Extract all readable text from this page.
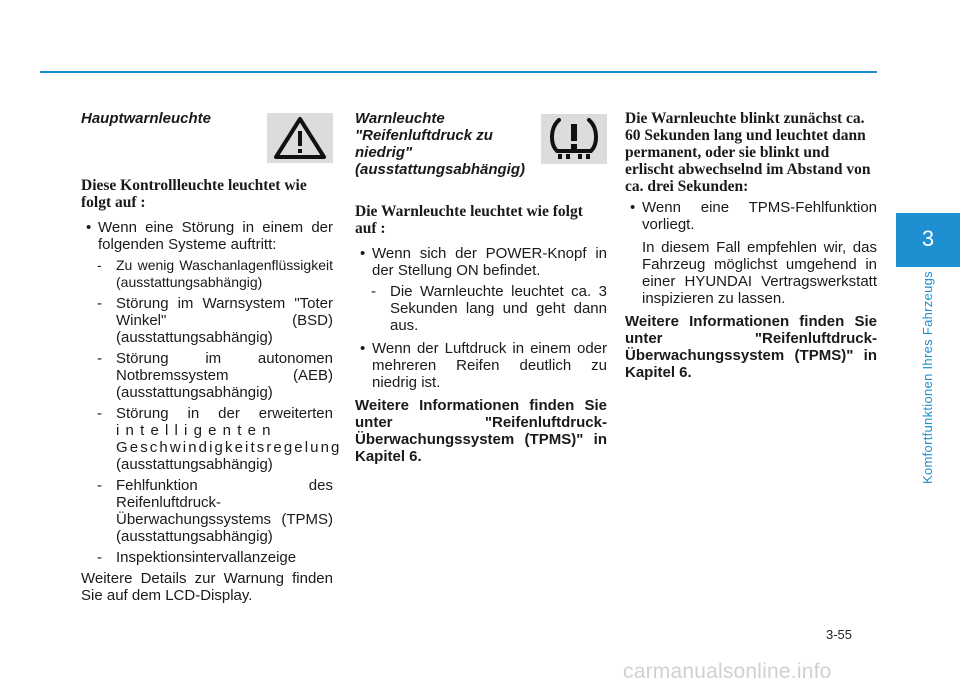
Hauptwarnleuchte

Diese Kontrollleuchte leuchtet wie folgt auf :

• Wenn eine Störung in einem der folgenden Systeme auftritt:

- Zu wenig Waschanlagenflüssigkeit (ausstattungsabhängig)

- Störung im Warnsystem "Toter Winkel" (BSD) (ausstattungsabhängig)

- Störung im autonomen Notbremssystem (AEB) (ausstattungsabhängig)

- Störung in der erweiterten

intelligenten

Geschwindigkeitsregelung

(ausstattungsabhängig)

- Fehlfunktion des Reifenluftdruck-Überwachungssystems (TPMS) (ausstattungsabhängig)

- Inspektionsintervallanzeige

Weitere Details zur Warnung finden Sie auf dem LCD-Display.

Warnleuchte

"Reifenluftdruck zu

niedrig"

(ausstattungsabhängig)

Die Warnleuchte leuchtet wie folgt auf :

• Wenn sich der POWER-Knopf in der Stellung ON befindet.

- Die Warnleuchte leuchtet ca. 3 Sekunden lang und geht dann aus.

• Wenn der Luftdruck in einem oder mehreren Reifen deutlich zu niedrig ist.

Weitere Informationen finden Sie unter "Reifenluftdruck-Überwachungssystem (TPMS)" in Kapitel 6.

Die Warnleuchte blinkt zunächst ca. 60 Sekunden lang und leuchtet dann permanent, oder sie blinkt und erlischt abwechselnd im Abstand von ca. drei Sekunden:

• Wenn eine TPMS-Fehlfunktion vorliegt.

In diesem Fall empfehlen wir, das Fahrzeug möglichst umgehend in einer HYUNDAI Vertragswerkstatt inspizieren zu lassen.

Weitere Informationen finden Sie unter "Reifenluftdruck-Überwachungssystem (TPMS)" in Kapitel 6.

3
Komfortfunktionen Ihres Fahrzeugs
3-55
carmanualsonline.info
